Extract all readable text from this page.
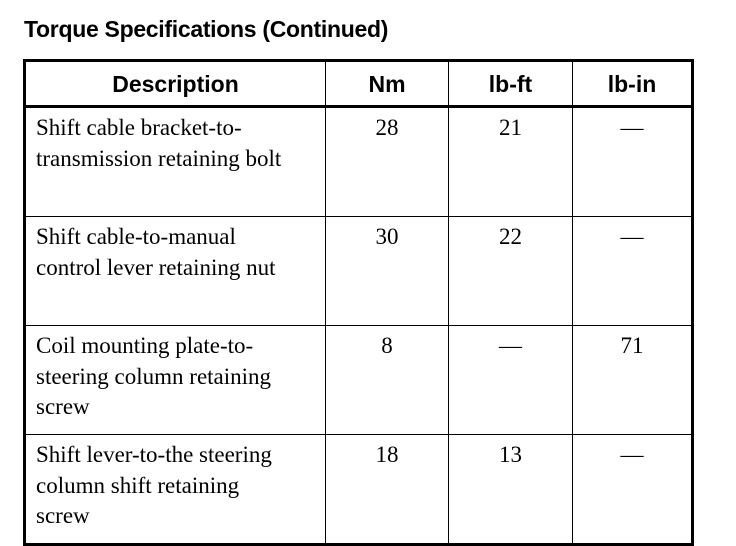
Torque Specifications (Continued)
Description	Nm	lb-ft	lb-in
Shift cable bracket-to-transmission retaining bolt	28	21	—
Shift cable-to-manual control lever retaining nut	30	22	—
Coil mounting plate-to-steering column retaining screw	8	—	71
Shift lever-to-the steering column shift retaining screw	18	13	—
